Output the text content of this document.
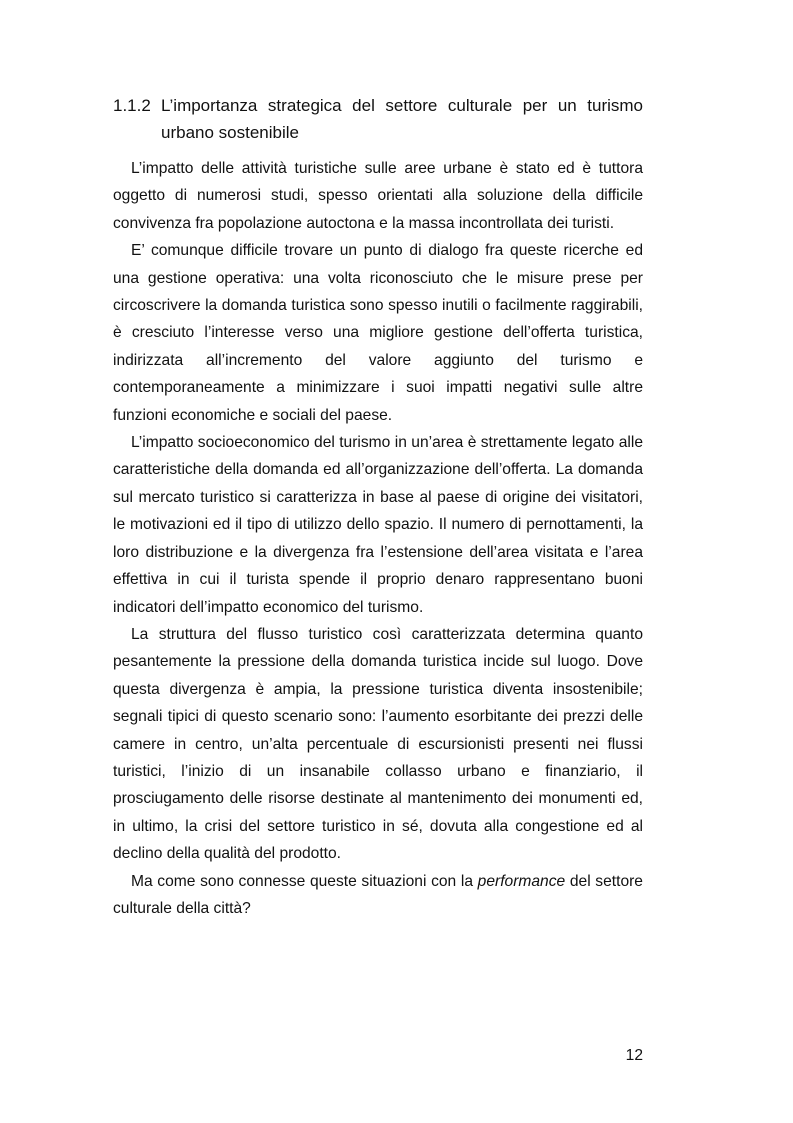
1.1.2 L’importanza strategica del settore culturale per un turismo
urbano sostenibile

L’impatto delle attività turistiche sulle aree urbane è stato ed è tuttora oggetto di numerosi studi, spesso orientati alla soluzione della difficile convivenza fra popolazione autoctona e la massa incontrollata dei turisti.

E’ comunque difficile trovare un punto di dialogo fra queste ricerche ed una gestione operativa: una volta riconosciuto che le misure prese per circoscrivere la domanda turistica sono spesso inutili o facilmente raggirabili, è cresciuto l’interesse verso una migliore gestione dell’offerta turistica, indirizzata all’incremento del valore aggiunto del turismo e contemporaneamente a minimizzare i suoi impatti negativi sulle altre funzioni economiche e sociali del paese.

L’impatto socioeconomico del turismo in un’area è strettamente legato alle caratteristiche della domanda ed all’organizzazione dell’offerta. La domanda sul mercato turistico si caratterizza in base al paese di origine dei visitatori, le motivazioni ed il tipo di utilizzo dello spazio. Il numero di pernottamenti, la loro distribuzione e la divergenza fra l’estensione dell’area visitata e l’area effettiva in cui il turista spende il proprio denaro rappresentano buoni indicatori dell’impatto economico del turismo.

La struttura del flusso turistico così caratterizzata determina quanto pesantemente la pressione della domanda turistica incide sul luogo. Dove questa divergenza è ampia, la pressione turistica diventa insostenibile; segnali tipici di questo scenario sono: l’aumento esorbitante dei prezzi delle camere in centro, un’alta percentuale di escursionisti presenti nei flussi turistici, l’inizio di un insanabile collasso urbano e finanziario, il prosciugamento delle risorse destinate al mantenimento dei monumenti ed, in ultimo, la crisi del settore turistico in sé, dovuta alla congestione ed al declino della qualità del prodotto.

Ma come sono connesse queste situazioni con la performance del settore culturale della città?

12
